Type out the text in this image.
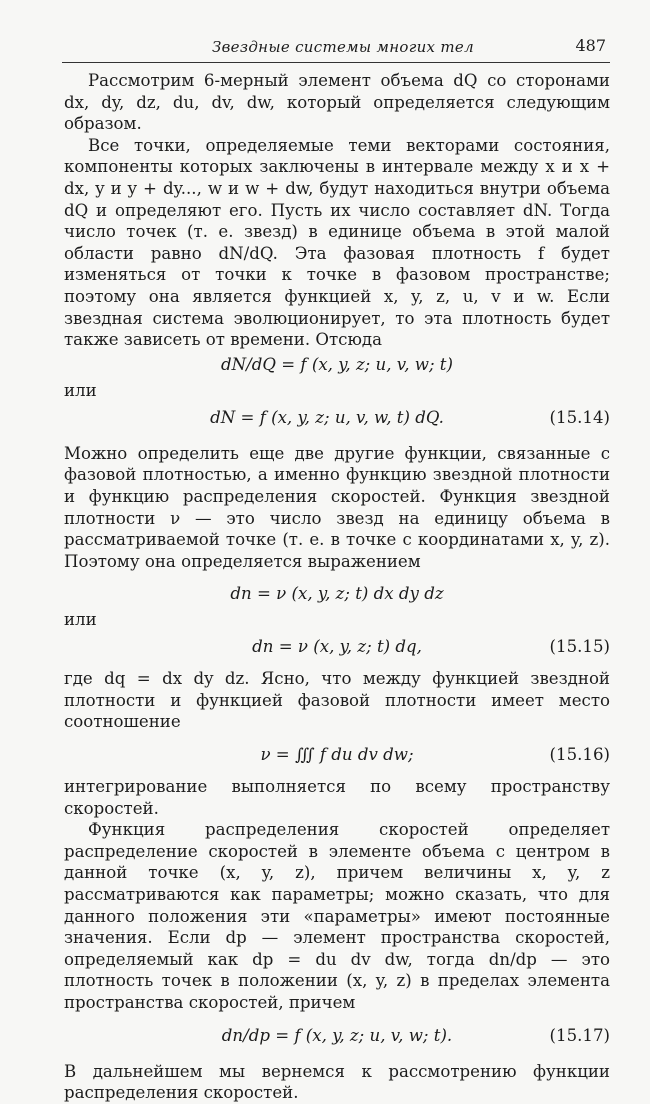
Звездные системы многих тел	487

Рассмотрим 6-мерный элемент объема dQ со сторонами dx, dy, dz, du, dv, dw, который определяется следующим образом.

Все точки, определяемые теми векторами состояния, компоненты которых заключены в интервале между x и x + dx, y и y + dy..., w и w + dw, будут находиться внутри объема dQ и определяют его. Пусть их число составляет dN. Тогда число точек (т. е. звезд) в единице объема в этой малой области равно dN/dQ. Эта фазовая плотность f будет изменяться от точки к точке в фазовом пространстве; поэтому она является функцией x, y, z, u, v и w. Если звездная система эволюционирует, то эта плотность будет также зависеть от времени. Отсюда

dN/dQ = f (x, y, z; u, v, w; t)
или
dN = f (x, y, z; u, v, w, t) dQ.	(15.14)

Можно определить еще две другие функции, связанные с фазовой плотностью, а именно функцию звездной плотности и функцию распределения скоростей. Функция звездной плотности ν — это число звезд на единицу объема в рассматриваемой точке (т. е. в точке с координатами x, y, z). Поэтому она определяется выражением

dn = ν (x, y, z; t) dx dy dz
или
dn = ν (x, y, z; t) dq,	(15.15)

где dq = dx dy dz. Ясно, что между функцией звездной плотности и функцией фазовой плотности имеет место соотношение

ν = ∭ f du dv dw;	(15.16)

интегрирование выполняется по всему пространству скоростей.

Функция распределения скоростей определяет распределение скоростей в элементе объема с центром в данной точке (x, y, z), причем величины x, y, z рассматриваются как параметры; можно сказать, что для данного положения эти «параметры» имеют постоянные значения. Если dp — элемент пространства скоростей, определяемый как dp = du dv dw, тогда dn/dp — это плотность точек в положении (x, y, z) в пределах элемента пространства скоростей, причем

dn/dp = f (x, y, z; u, v, w; t).	(15.17)

В дальнейшем мы вернемся к рассмотрению функции распределения скоростей.
